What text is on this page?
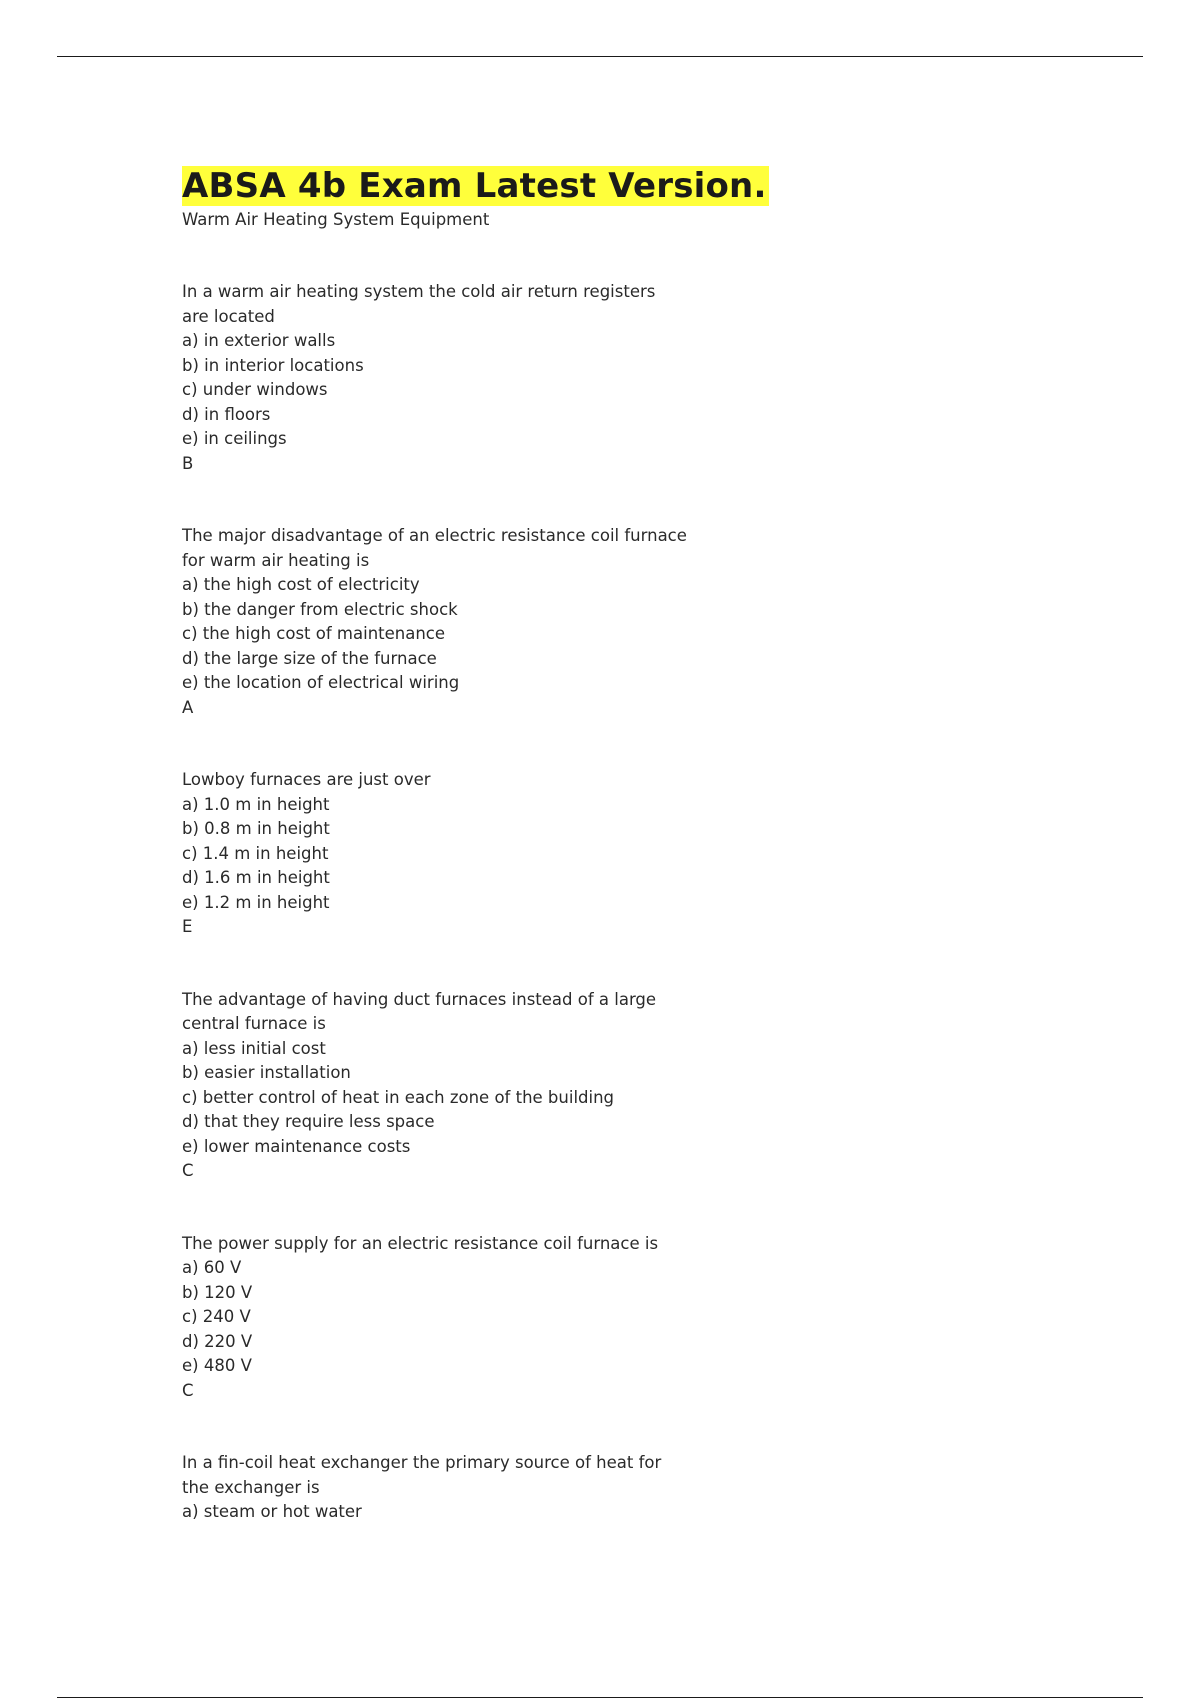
ABSA 4b Exam Latest Version.
Warm Air Heating System Equipment
In a warm air heating system the cold air return registers are located
a) in exterior walls
b) in interior locations
c) under windows
d) in floors
e) in ceilings
B
The major disadvantage of an electric resistance coil furnace for warm air heating is
a) the high cost of electricity
b) the danger from electric shock
c) the high cost of maintenance
d) the large size of the furnace
e) the location of electrical wiring
A
Lowboy furnaces are just over
a) 1.0 m in height
b) 0.8 m in height
c) 1.4 m in height
d) 1.6 m in height
e) 1.2 m in height
E
The advantage of having duct furnaces instead of a large central furnace is
a) less initial cost
b) easier installation
c) better control of heat in each zone of the building
d) that they require less space
e) lower maintenance costs
C
The power supply for an electric resistance coil furnace is
a) 60 V
b) 120 V
c) 240 V
d) 220 V
e) 480 V
C
In a fin-coil heat exchanger the primary source of heat for the exchanger is
a) steam or hot water
